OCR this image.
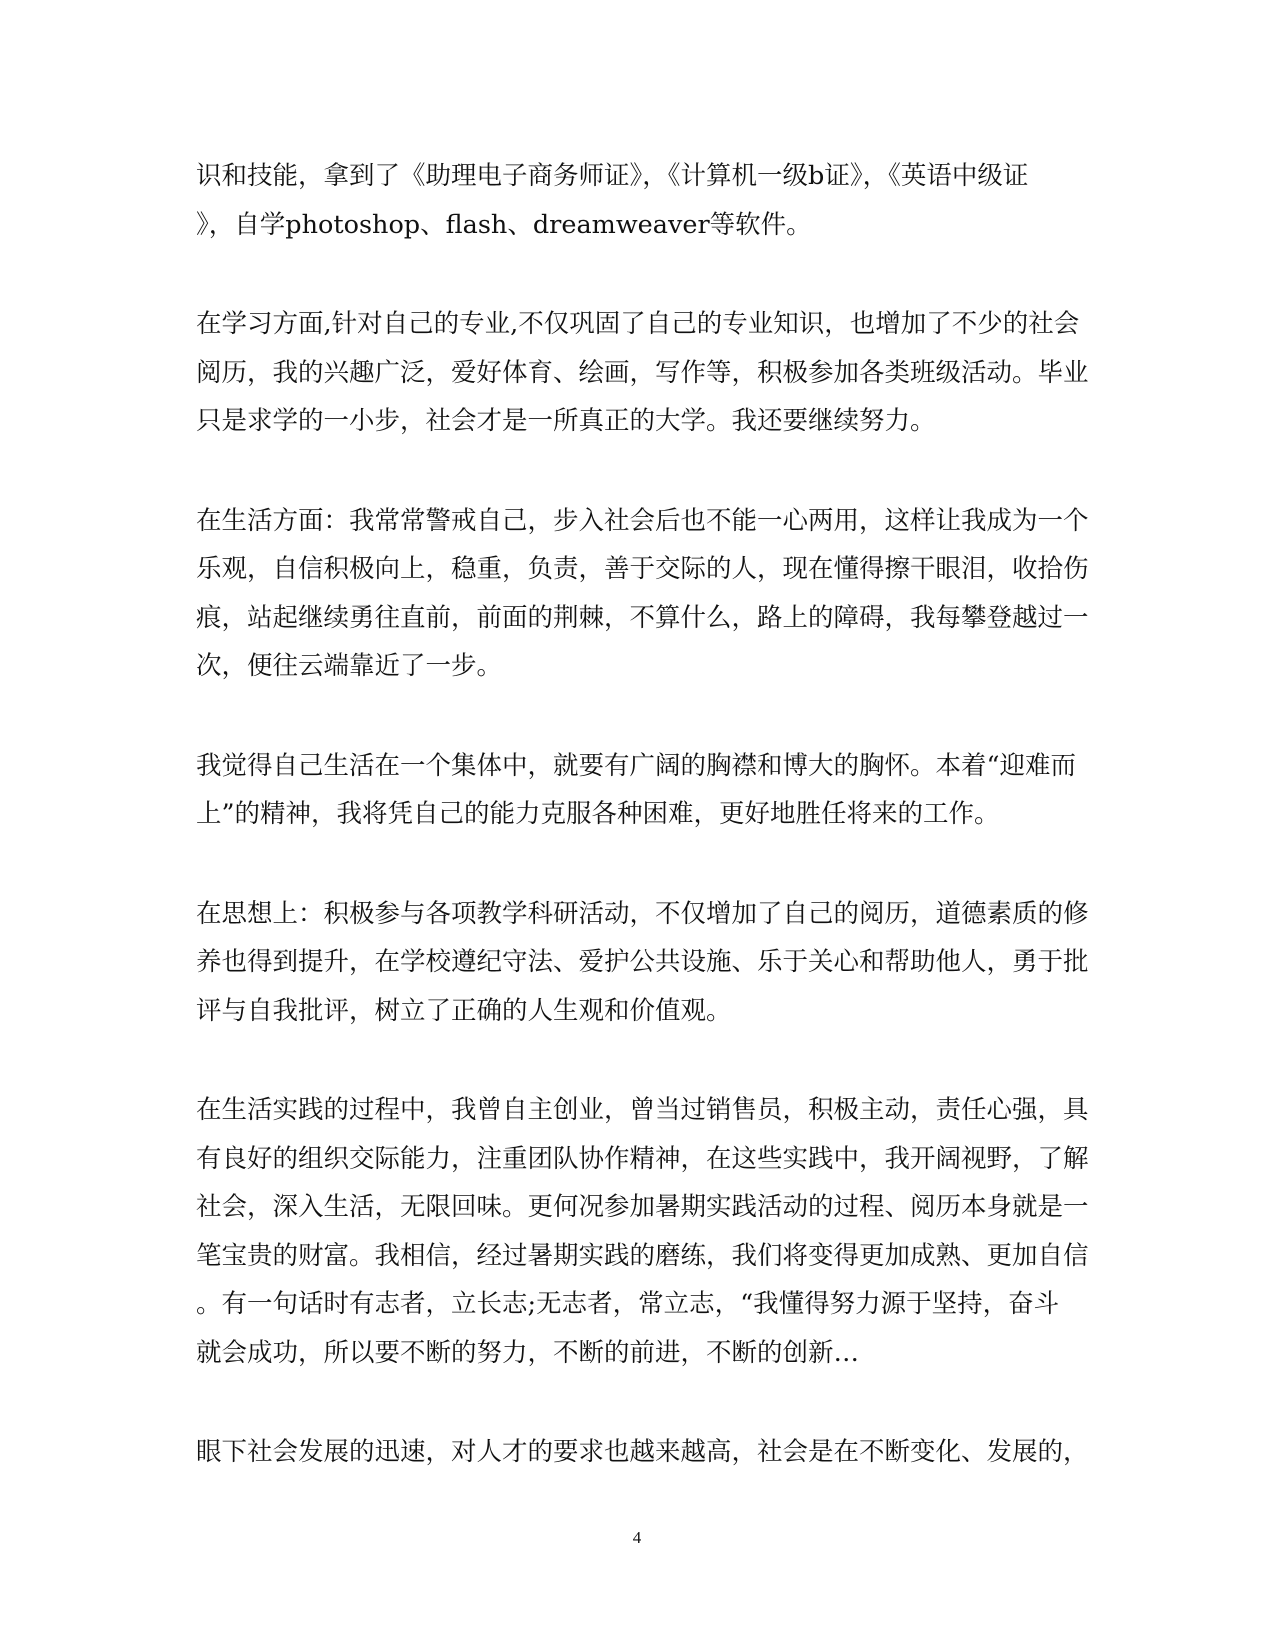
识和技能，拿到了《助理电子商务师证》，《计算机一级b证》，《英语中级证
》，自学photoshop、flash、dreamweaver等软件。
在学习方面,针对自己的专业,不仅巩固了自己的专业知识，也增加了不少的社会
阅历，我的兴趣广泛，爱好体育、绘画，写作等，积极参加各类班级活动。毕业
只是求学的一小步，社会才是一所真正的大学。我还要继续努力。
在生活方面：我常常警戒自己，步入社会后也不能一心两用，这样让我成为一个
乐观，自信积极向上，稳重，负责，善于交际的人，现在懂得擦干眼泪，收拾伤
痕，站起继续勇往直前，前面的荆棘，不算什么，路上的障碍，我每攀登越过一
次，便往云端靠近了一步。
我觉得自己生活在一个集体中，就要有广阔的胸襟和博大的胸怀。本着“迎难而
上”的精神，我将凭自己的能力克服各种困难，更好地胜任将来的工作。
在思想上：积极参与各项教学科研活动，不仅增加了自己的阅历，道德素质的修
养也得到提升，在学校遵纪守法、爱护公共设施、乐于关心和帮助他人，勇于批
评与自我批评，树立了正确的人生观和价值观。
在生活实践的过程中，我曾自主创业，曾当过销售员，积极主动，责任心强，具
有良好的组织交际能力，注重团队协作精神，在这些实践中，我开阔视野，了解
社会，深入生活，无限回味。更何况参加暑期实践活动的过程、阅历本身就是一
笔宝贵的财富。我相信，经过暑期实践的磨练，我们将变得更加成熟、更加自信
。有一句话时有志者，立长志;无志者，常立志，“我懂得努力源于坚持，奋斗
就会成功，所以要不断的努力，不断的前进，不断的创新…
眼下社会发展的迅速，对人才的要求也越来越高，社会是在不断变化、发展的，
4
